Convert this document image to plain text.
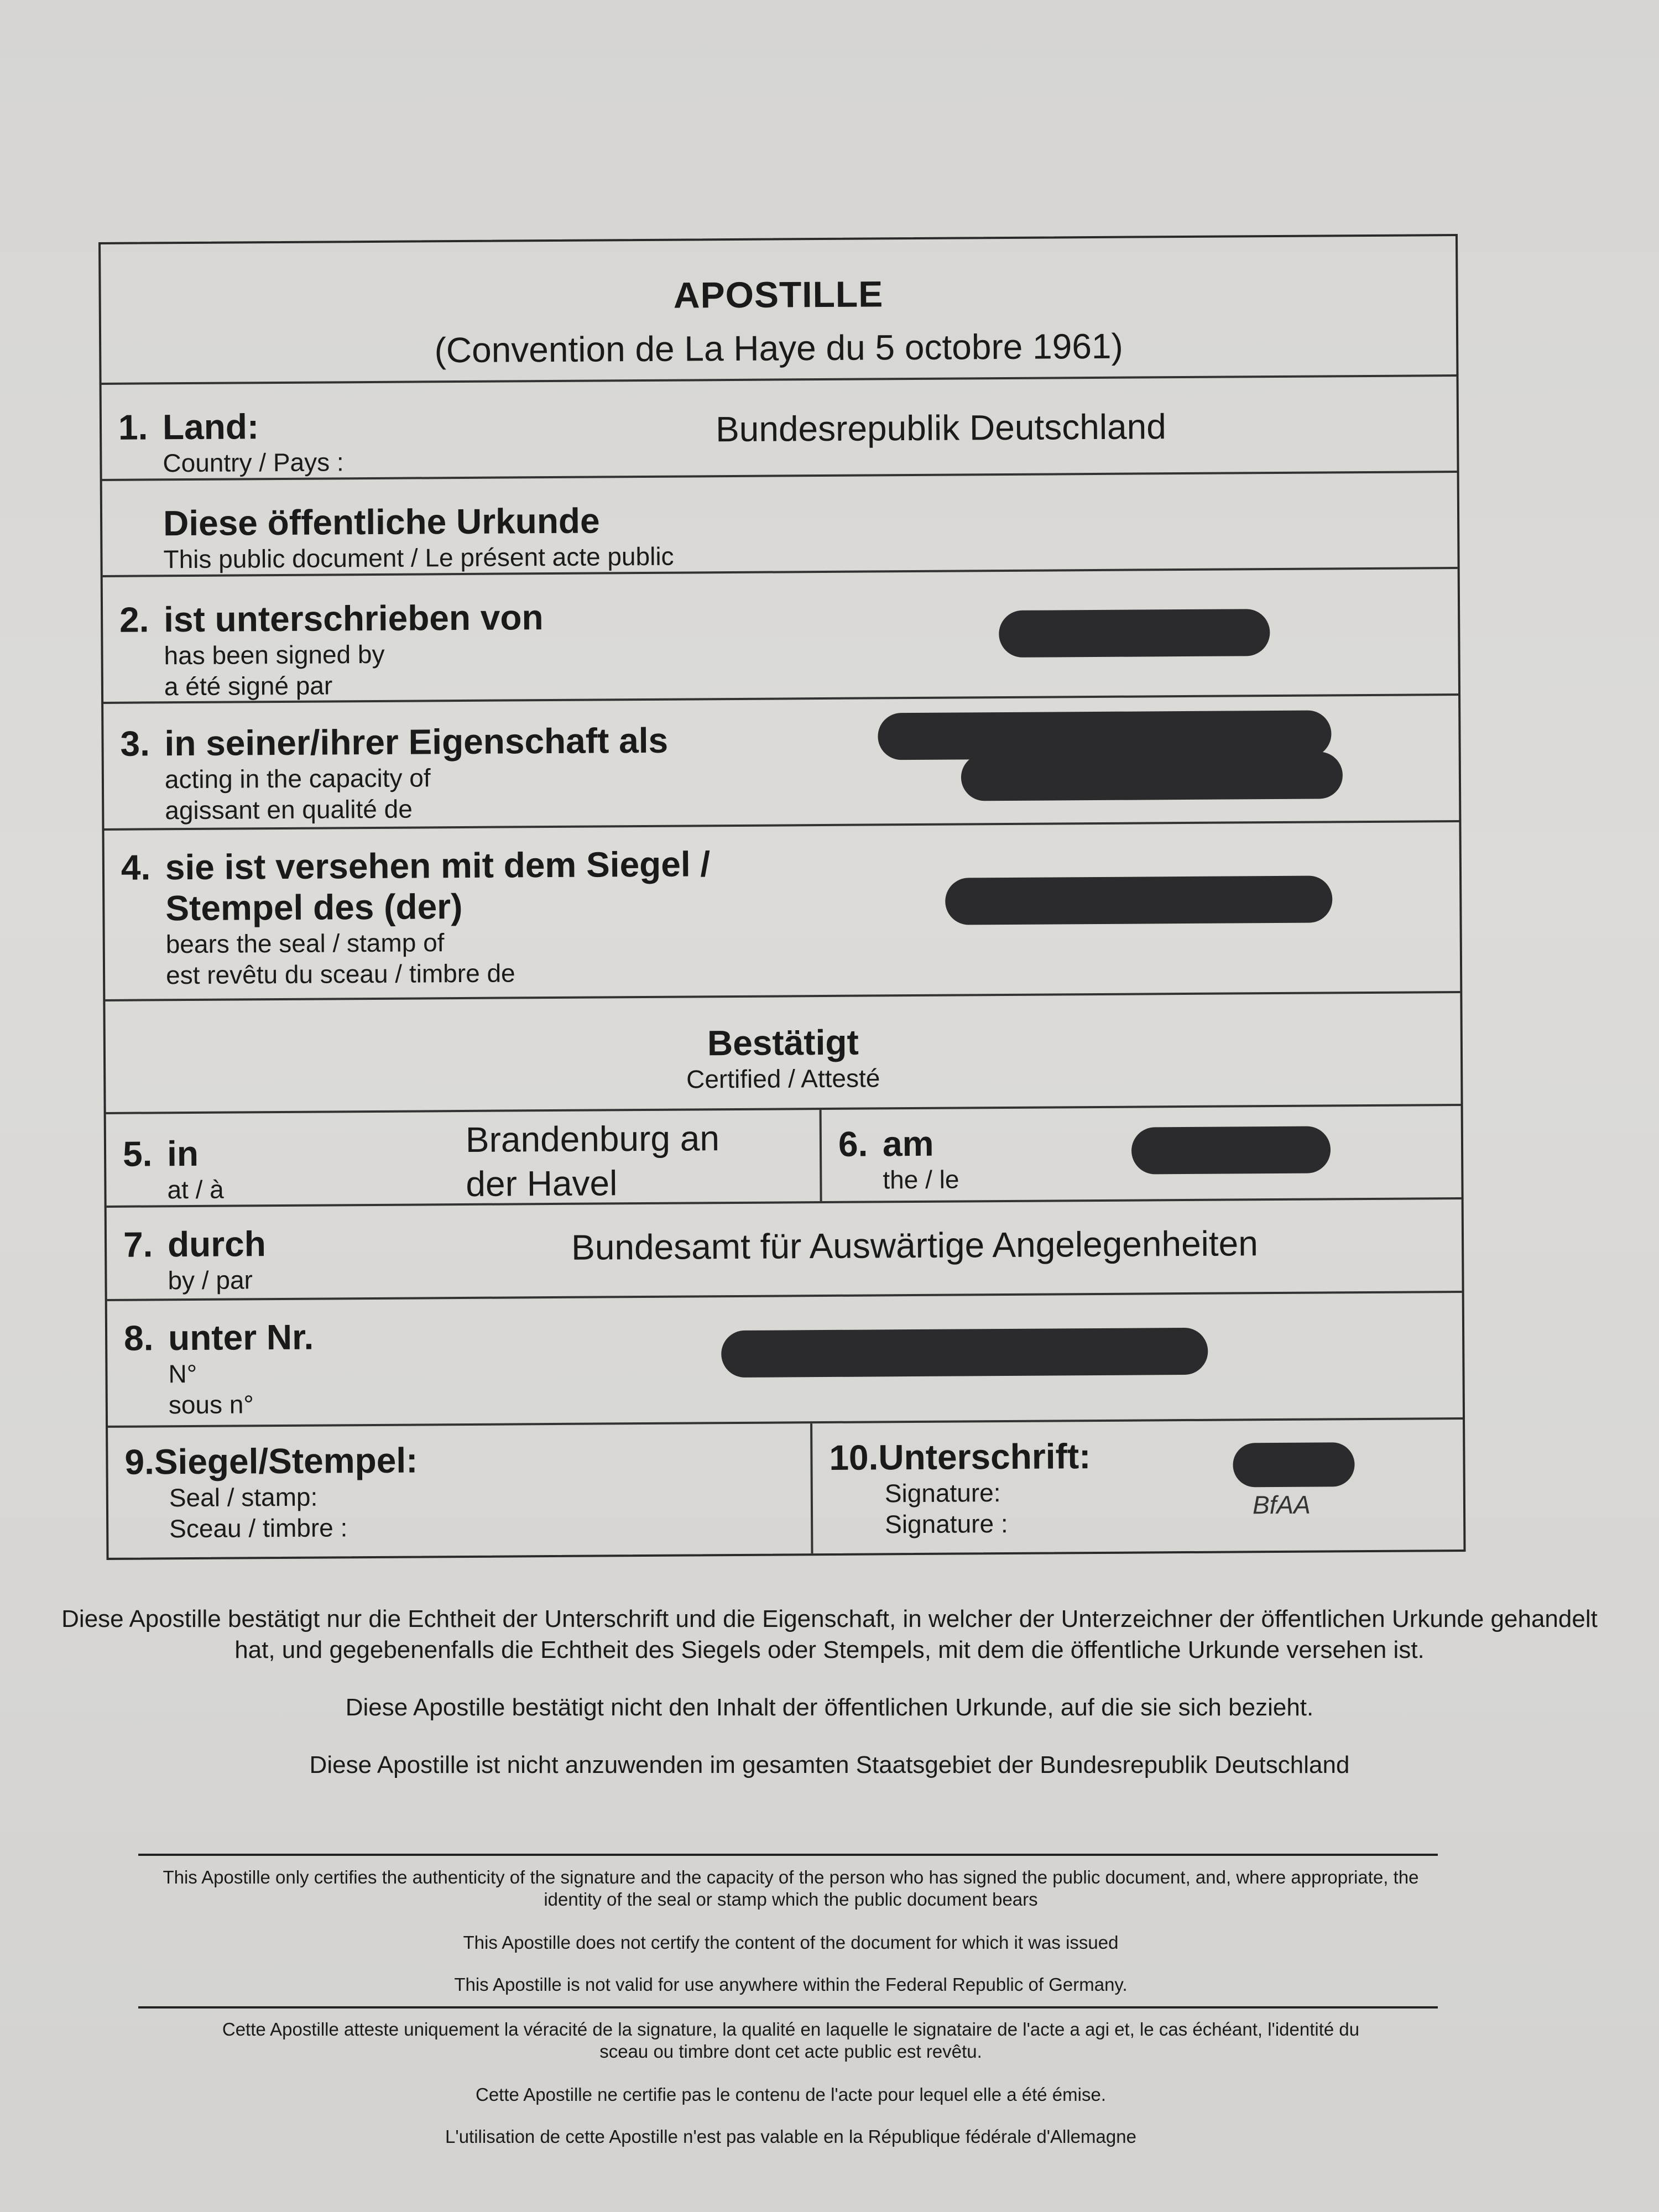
APOSTILLE
(Convention de La Haye du 5 octobre 1961)
1. Land:
Country / Pays :
Bundesrepublik Deutschland
Diese öffentliche Urkunde
This public document / Le présent acte public
2. ist unterschrieben von
has been signed by
a été signé par
3. in seiner/ihrer Eigenschaft als
acting in the capacity of
agissant en qualité de
4. sie ist versehen mit dem Siegel /
Stempel des (der)
bears the seal / stamp of
est revêtu du sceau / timbre de
Bestätigt
Certified / Attesté
5. in
at / à
Brandenburg an
der Havel
6. am
the / le
7. durch
by / par
Bundesamt für Auswärtige Angelegenheiten
8. unter Nr.
N°
sous n°
9.Siegel/Stempel:
Seal / stamp:
Sceau / timbre :
10.Unterschrift:
Signature:
Signature :
BfAA
Diese Apostille bestätigt nur die Echtheit der Unterschrift und die Eigenschaft, in welcher der Unterzeichner der öffentlichen Urkunde gehandelt hat, und gegebenenfalls die Echtheit des Siegels oder Stempels, mit dem die öffentliche Urkunde versehen ist.
Diese Apostille bestätigt nicht den Inhalt der öffentlichen Urkunde, auf die sie sich bezieht.
Diese Apostille ist nicht anzuwenden im gesamten Staatsgebiet der Bundesrepublik Deutschland
This Apostille only certifies the authenticity of the signature and the capacity of the person who has signed the public document, and, where appropriate, the identity of the seal or stamp which the public document bears
This Apostille does not certify the content of the document for which it was issued
This Apostille is not valid for use anywhere within the Federal Republic of Germany.
Cette Apostille atteste uniquement la véracité de la signature, la qualité en laquelle le signataire de l'acte a agi et, le cas échéant, l'identité du sceau ou timbre dont cet acte public est revêtu.
Cette Apostille ne certifie pas le contenu de l'acte pour lequel elle a été émise.
L'utilisation de cette Apostille n'est pas valable en la République fédérale d'Allemagne
